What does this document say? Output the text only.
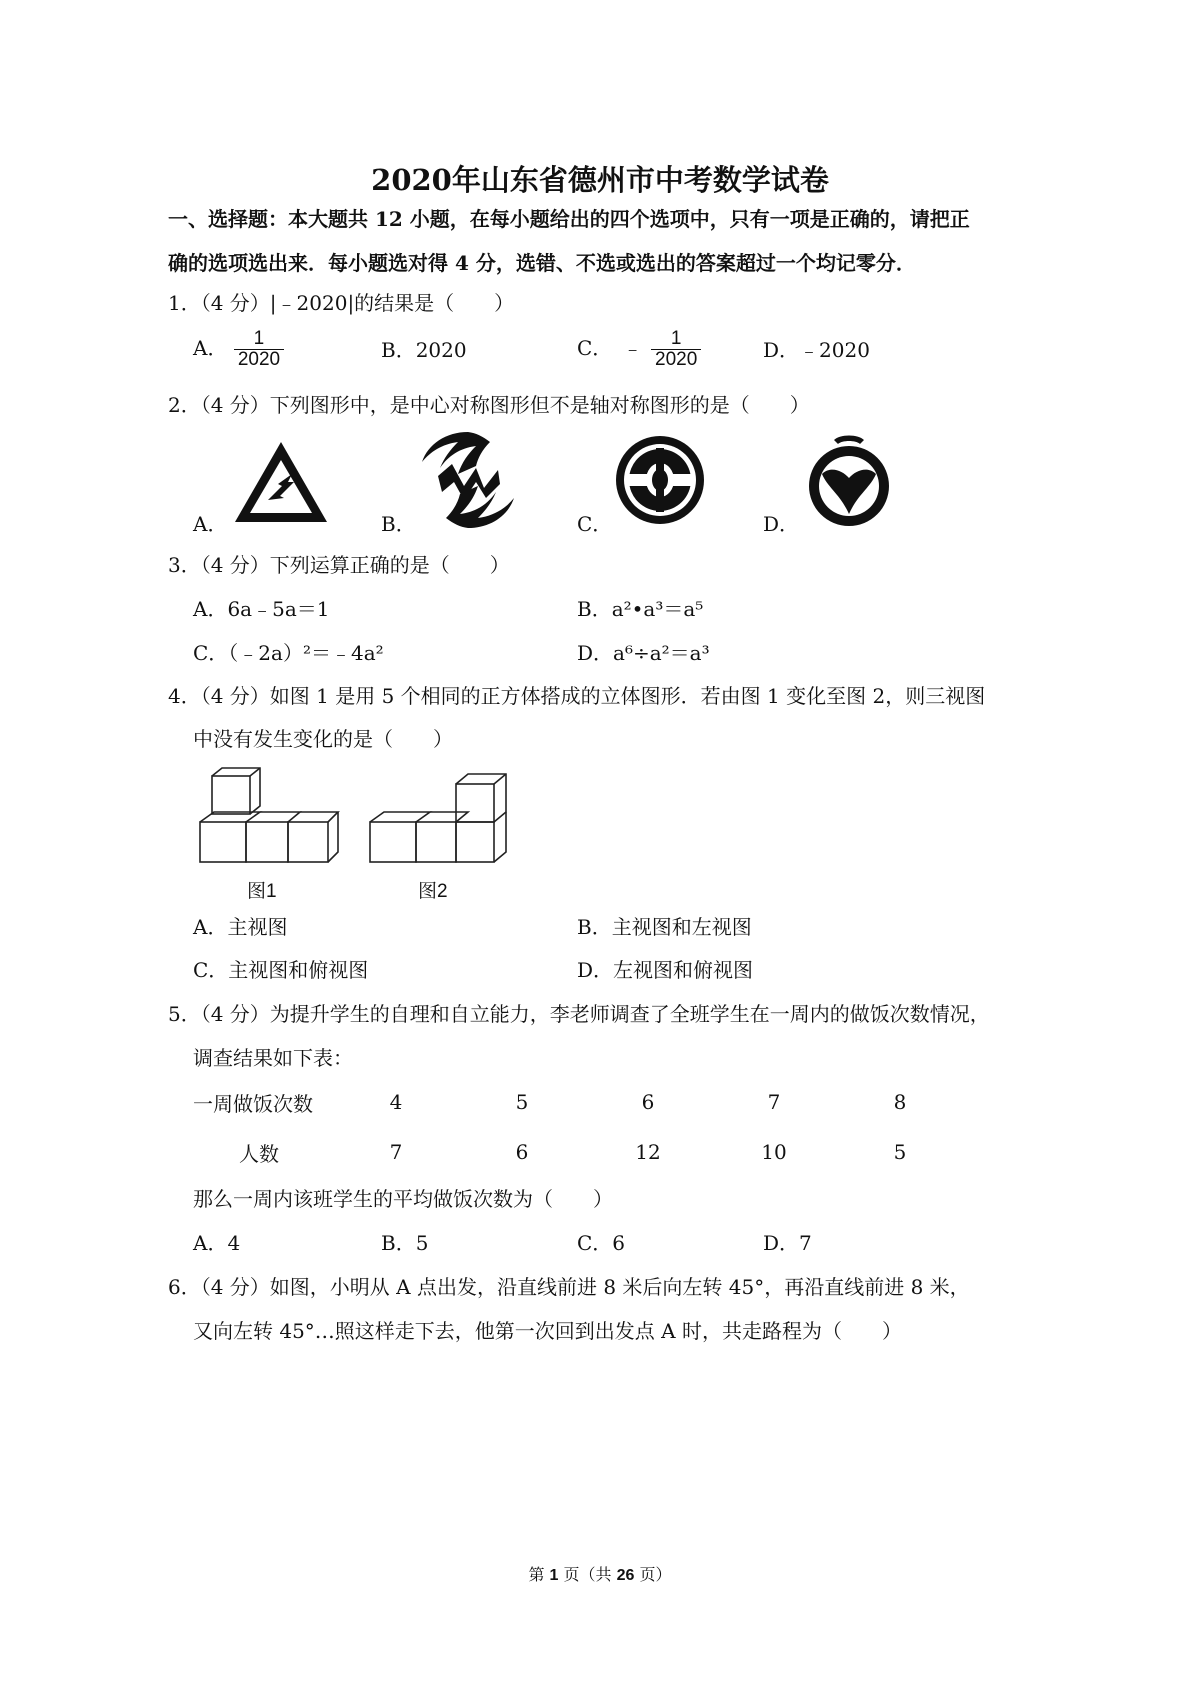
2020年山东省德州市中考数学试卷
一、选择题：本大题共 12 小题，在每小题给出的四个选项中，只有一项是正确的，请把正
确的选项选出来．每小题选对得 4 分，选错、不选或选出的答案超过一个均记零分．
1．（4 分）|﹣2020|的结果是（　　）
A． $\frac{1}{2020}$	B．2020	C． ﹣ $\frac{1}{2020}$	D．﹣2020
2．（4 分）下列图形中，是中心对称图形但不是轴对称图形的是（　　）
A．	B．	C．	D．
3．（4 分）下列运算正确的是（　　）
A．6a﹣5a＝1	B．a²•a³＝a⁵
C．（﹣2a）²＝﹣4a²	D．a⁶÷a²＝a³
4．（4 分）如图 1 是用 5 个相同的正方体搭成的立体图形．若由图 1 变化至图 2，则三视图
中没有发生变化的是（　　）
图1	图2
A．主视图	B．主视图和左视图
C．主视图和俯视图	D．左视图和俯视图
5．（4 分）为提升学生的自理和自立能力，李老师调查了全班学生在一周内的做饭次数情况，
调查结果如下表：
一周做饭次数	4	5	6	7	8
人数	7	6	12	10	5
那么一周内该班学生的平均做饭次数为（　　）
A．4	B．5	C．6	D．7
6．（4 分）如图，小明从 A 点出发，沿直线前进 8 米后向左转 45°，再沿直线前进 8 米，
又向左转 45°…照这样走下去，他第一次回到出发点 A 时，共走路程为（　　）
第 1 页（共 26 页）
